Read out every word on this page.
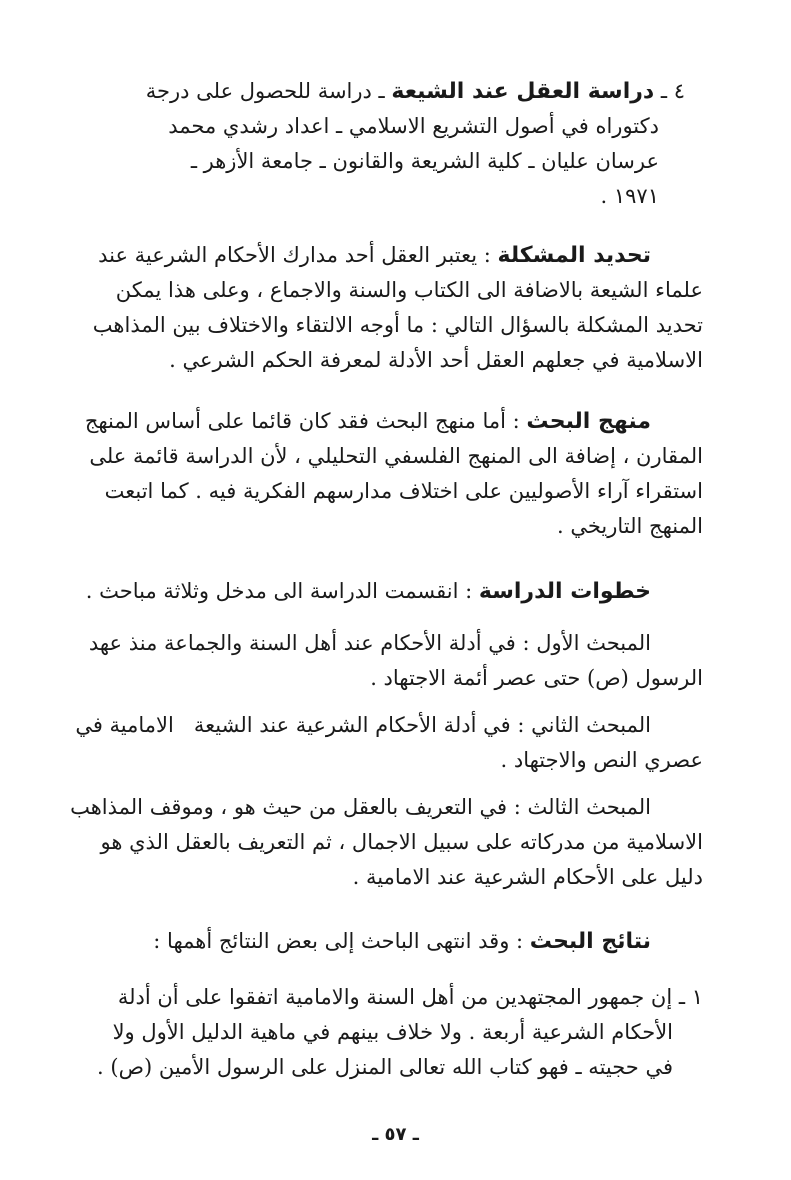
٤ ـ دراسة العقل عند الشيعة ـ دراسة للحصول على درجة
دكتوراه في أصول التشريع الاسلامي ـ اعداد رشدي محمد
عرسان عليان ـ كلية الشريعة والقانون ـ جامعة الأزهر ـ
١٩٧١ .
تحديد المشكلة : يعتبر العقل أحد مدارك الأحكام الشرعية عند
علماء الشيعة بالاضافة الى الكتاب والسنة والاجماع ، وعلى هذا يمكن
تحديد المشكلة بالسؤال التالي : ما أوجه الالتقاء والاختلاف بين المذاهب
الاسلامية في جعلهم العقل أحد الأدلة لمعرفة الحكم الشرعي .
منهج البحث : أما منهج البحث فقد كان قائما على أساس المنهج
المقارن ، إضافة الى المنهج الفلسفي التحليلي ، لأن الدراسة قائمة على
استقراء آراء الأصوليين على اختلاف مدارسهم الفكرية فيه . كما اتبعت
المنهج التاريخي .
خطوات الدراسة : انقسمت الدراسة الى مدخل وثلاثة مباحث .
المبحث الأول : في أدلة الأحكام عند أهل السنة والجماعة منذ عهد
الرسول (ص) حتى عصر أئمة الاجتهاد .
المبحث الثاني : في أدلة الأحكام الشرعية عند الشيعة   الامامية في
عصري النص والاجتهاد .
المبحث الثالث : في التعريف بالعقل من حيث هو ، وموقف المذاهب
الاسلامية من مدركاته على سبيل الاجمال ، ثم التعريف بالعقل الذي هو
دليل على الأحكام الشرعية عند الامامية .
نتائج البحث : وقد انتهى الباحث إلى بعض النتائج أهمها :
١ ـ إن جمهور المجتهدين من أهل السنة والامامية اتفقوا على أن أدلة
الأحكام الشرعية أربعة . ولا خلاف بينهم في ماهية الدليل الأول ولا
في حجيته ـ فهو كتاب الله تعالى المنزل على الرسول الأمين (ص) .
ـ ٥٧ ـ
